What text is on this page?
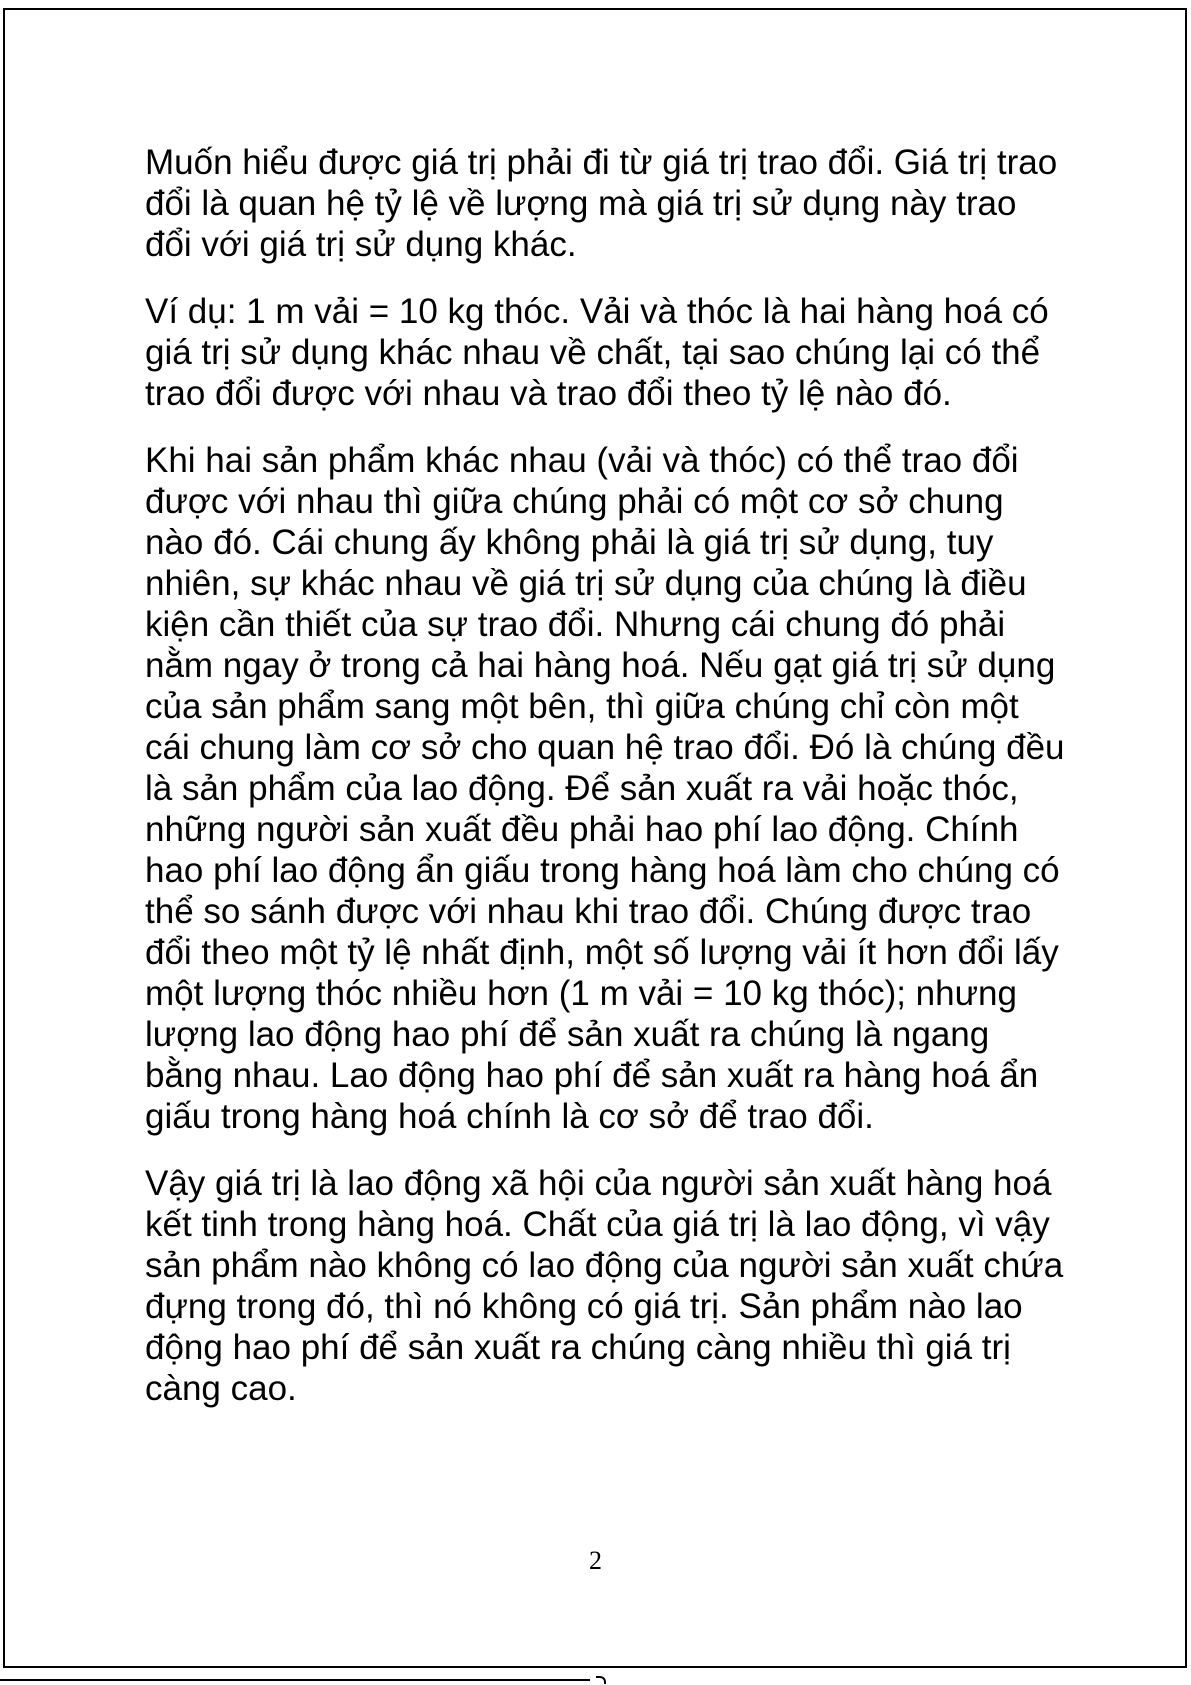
Muốn hiểu được giá trị phải đi từ giá trị trao đổi. Giá trị trao đổi là quan hệ tỷ lệ về lượng mà giá trị sử dụng này trao đổi với giá trị sử dụng khác.

Ví dụ: 1 m vải = 10 kg thóc. Vải và thóc là hai hàng hoá có giá trị sử dụng khác nhau về chất, tại sao chúng lại có thể trao đổi được với nhau và trao đổi theo tỷ lệ nào đó.

Khi hai sản phẩm khác nhau (vải và thóc) có thể trao đổi được với nhau thì giữa chúng phải có một cơ sở chung nào đó. Cái chung ấy không phải là giá trị sử dụng, tuy nhiên, sự khác nhau về giá trị sử dụng của chúng là điều kiện cần thiết của sự trao đổi. Nhưng cái chung đó phải nằm ngay ở trong cả hai hàng hoá. Nếu gạt giá trị sử dụng của sản phẩm sang một bên, thì giữa chúng chỉ còn một cái chung làm cơ sở cho quan hệ trao đổi. Đó là chúng đều là sản phẩm của lao động. Để sản xuất ra vải hoặc thóc, những người sản xuất đều phải hao phí lao động. Chính hao phí lao động ẩn giấu trong hàng hoá làm cho chúng có thể so sánh được với nhau khi trao đổi. Chúng được trao đổi theo một tỷ lệ nhất định, một số lượng vải ít hơn đổi lấy một lượng thóc nhiều hơn (1 m vải = 10 kg thóc); nhưng lượng lao động hao phí để sản xuất ra chúng là ngang bằng nhau. Lao động hao phí để sản xuất ra hàng hoá ẩn giấu trong hàng hoá chính là cơ sở để trao đổi.

Vậy giá trị là lao động xã hội của người sản xuất hàng hoá kết tinh trong hàng hoá. Chất của giá trị là lao động, vì vậy sản phẩm nào không có lao động của người sản xuất chứa đựng trong đó, thì nó không có giá trị. Sản phẩm nào lao động hao phí để sản xuất ra chúng càng nhiều thì giá trị càng cao.

2
